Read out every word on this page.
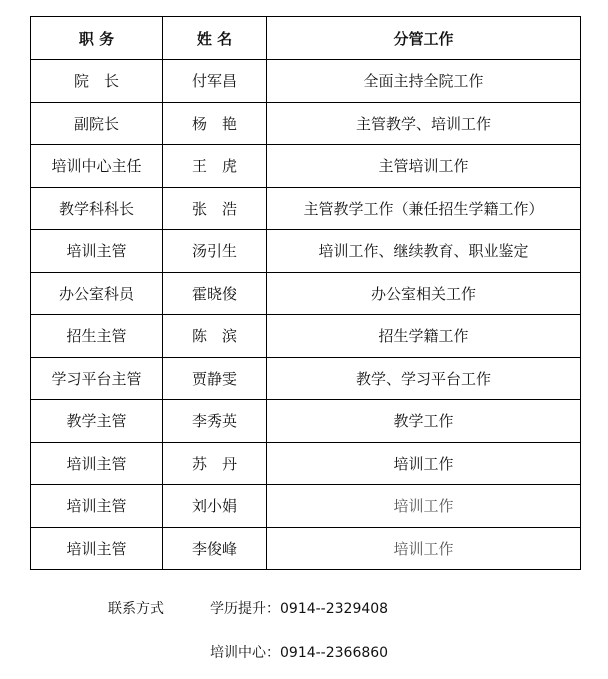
职 务	姓 名	分管工作
院　长	付军昌	全面主持全院工作
副院长	杨　艳	主管教学、培训工作
培训中心主任	王　虎	主管培训工作
教学科科长	张　浩	主管教学工作（兼任招生学籍工作）
培训主管	汤引生	培训工作、继续教育、职业鉴定
办公室科员	霍晓俊	办公室相关工作
招生主管	陈　滨	招生学籍工作
学习平台主管	贾静雯	教学、学习平台工作
教学主管	李秀英	教学工作
培训主管	苏　丹	培训工作
培训主管	刘小娟	培训工作
培训主管	李俊峰	培训工作
联系方式	学历提升：0914--2329408
培训中心：0914--2366860
